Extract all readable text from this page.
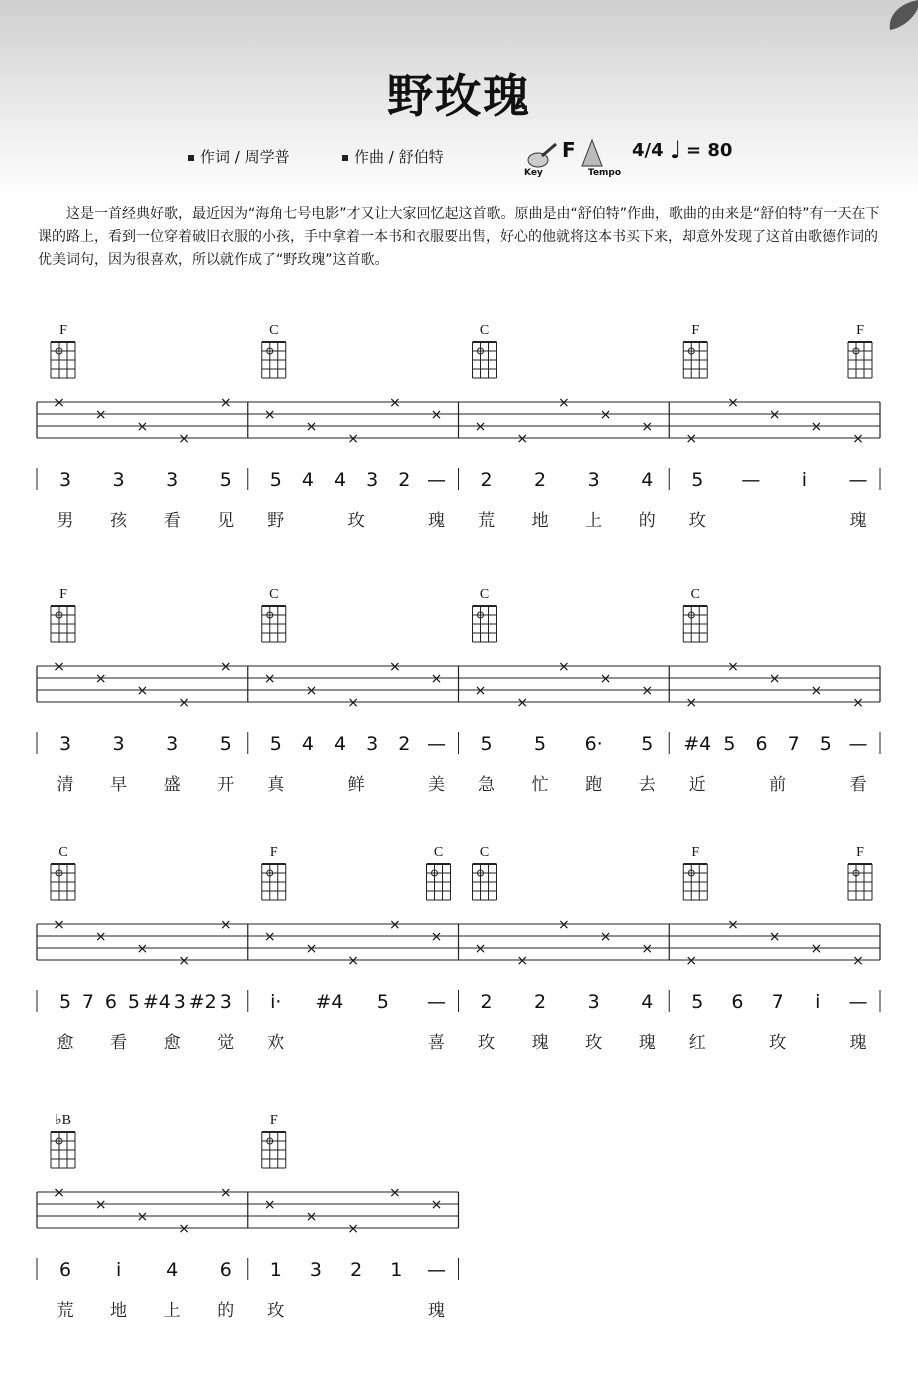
野玫瑰
作词 / 周学普	作曲 / 舒伯特
Key
F
Tempo
4/4 ♩ = 80
这是一首经典好歌，最近因为“海角七号电影”才又让大家回忆起这首歌。原曲是由“舒伯特”作曲，歌曲的由来是“舒伯特”有一天在下课的路上，看到一位穿着破旧衣服的小孩，手中拿着一本书和衣服要出售，好心的他就将这本书买下来，却意外发现了这首由歌德作词的优美词句，因为很喜欢，所以就作成了“野玫瑰”这首歌。
F
×
×
×
×
×
3 3 3 5
男 孩 看 见
C
×
×
×
×
×
5 4 4 3 2 —
野	玫	瑰
C
×
×
×
×
×
2 2 3 4
荒 地 上 的
F	F
×
×
×
×
×
5 — i —
玫	瑰
F
×
×
×
×
×
3 3 3 5
清 早 盛 开
C
×
×
×
×
×
5 4 4 3 2 —
真	鲜	美
C
×
×
×
×
×
5 5 6· 5
急 忙 跑 去
C
×
×
×
×
×
#4 5 6 7 5 —
近	前	看
C
×
×
×
×
×
5 7 6 5 #4 3 #2 3
愈 看 愈 觉
F	C
×
×
×
×
×
i· #4 5 —
欢	喜
C
×
×
×
×
×
2 2 3 4
玫 瑰 玫 瑰
F	F
×
×
×
×
×
5 6 7 i —
红	玫	瑰
♭B
×
×
×
×
×
6 i 4 6
荒 地 上 的
F
×
×
×
×
×
1 3 2 1 —
玫	瑰
